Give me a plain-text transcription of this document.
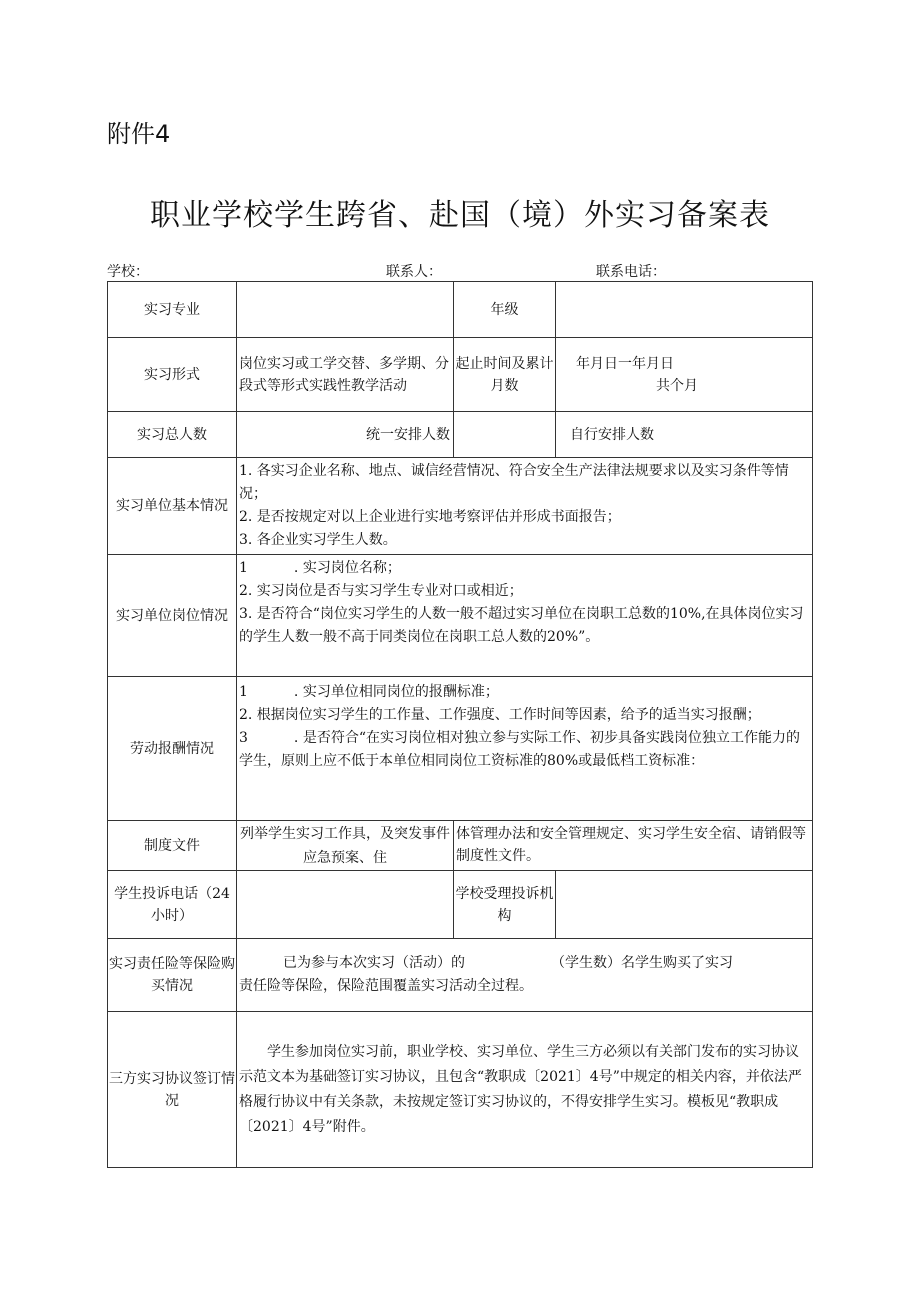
附件4
职业学校学生跨省、赴国（境）外实习备案表
学校：	联系人：	联系电话：
实习专业		年级	
实习形式	岗位实习或工学交替、多学期、分段式等形式实践性教学活动	起止时间及累计月数	年月日一年月日
共个月

实习总人数	统一安排人数		自行安排人数
实习单位基本情况	1. 各实习企业名称、地点、诚信经营情况、符合安全生产法律法规要求以及实习条件等情况；
2. 是否按规定对以上企业进行实地考察评估并形成书面报告；
3. 各企业实习学生人数。		

实习单位岗位情况	1 . 实习岗位名称；
2. 实习岗位是否与实习学生专业对口或相近；
3. 是否符合“岗位实习学生的人数一般不超过实习单位在岗职工总数的10%,在具体岗位实习的学生人数一般不高于同类岗位在岗职工总人数的20%”。		

劳动报酬情况	1 . 实习单位相同岗位的报酬标准；
2. 根据岗位实习学生的工作量、工作强度、工作时间等因素，给予的适当实习报酬；
3 . 是否符合“在实习岗位相对独立参与实际工作、初步具备实践岗位独立工作能力的学生，原则上应不低于本单位相同岗位工资标准的80%或最低档工资标准：		

制度文件	列举学生实习工作具，及突发事件应急预案、住	体管理办法和安全管理规定、实习学生安全宿、请销假等制度性文件。	
学生投诉电话（24小时）		学校受理投诉机构	
实习责任险等保险购买情况	已为参与本次实习（活动）的 （学生数）名学生购买了实习
责任险等保险，保险范围覆盖实习活动全过程。		

三方实习协议签订情况	学生参加岗位实习前，职业学校、实习单位、学生三方必须以有关部门发布的实习协议示范文本为基础签订实习协议，且包含“教职成〔2021〕4号”中规定的相关内容，并依法严格履行协议中有关条款，未按规定签订实习协议的，不得安排学生实习。模板见“教职成〔2021〕4号”附件。		
